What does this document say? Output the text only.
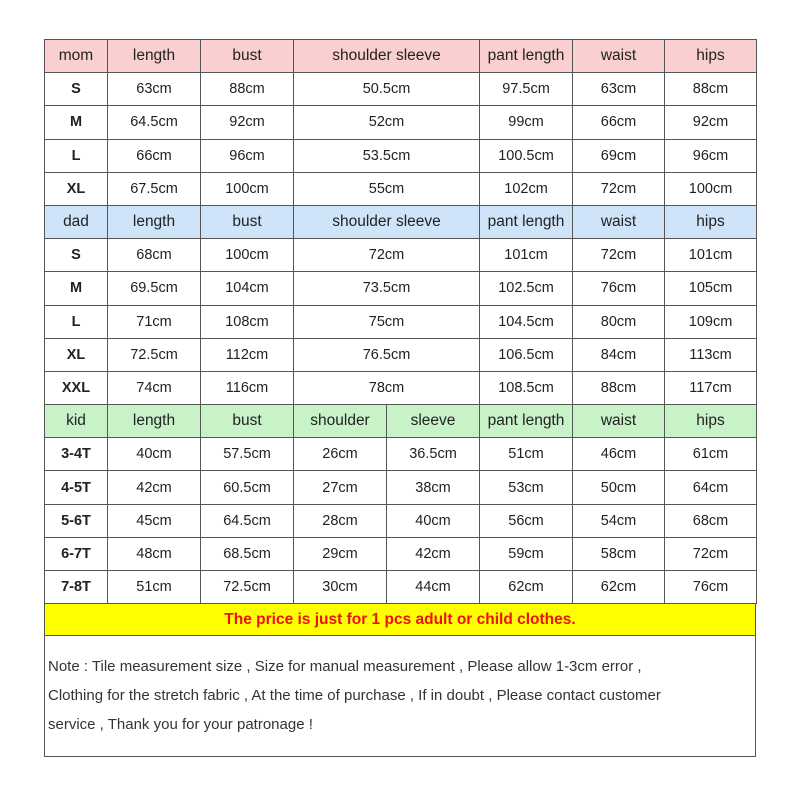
mom	length	bust	shoulder sleeve		pant length	waist	hips
S	63cm	88cm	50.5cm		97.5cm	63cm	88cm
M	64.5cm	92cm	52cm		99cm	66cm	92cm
L	66cm	96cm	53.5cm		100.5cm	69cm	96cm
XL	67.5cm	100cm	55cm		102cm	72cm	100cm
dad	length	bust	shoulder sleeve		pant length	waist	hips
S	68cm	100cm	72cm		101cm	72cm	101cm
M	69.5cm	104cm	73.5cm		102.5cm	76cm	105cm
L	71cm	108cm	75cm		104.5cm	80cm	109cm
XL	72.5cm	112cm	76.5cm		106.5cm	84cm	113cm
XXL	74cm	116cm	78cm		108.5cm	88cm	117cm
kid	length	bust	shoulder	sleeve	pant length	waist	hips
3-4T	40cm	57.5cm	26cm	36.5cm	51cm	46cm	61cm
4-5T	42cm	60.5cm	27cm	38cm	53cm	50cm	64cm
5-6T	45cm	64.5cm	28cm	40cm	56cm	54cm	68cm
6-7T	48cm	68.5cm	29cm	42cm	59cm	58cm	72cm
7-8T	51cm	72.5cm	30cm	44cm	62cm	62cm	76cm
The price is just for 1 pcs adult or child clothes.
Note : Tile measurement size , Size for manual measurement , Please allow 1-3cm error ,
Clothing for the stretch fabric , At the time of purchase , If in doubt , Please contact customer
service , Thank you for your patronage !
